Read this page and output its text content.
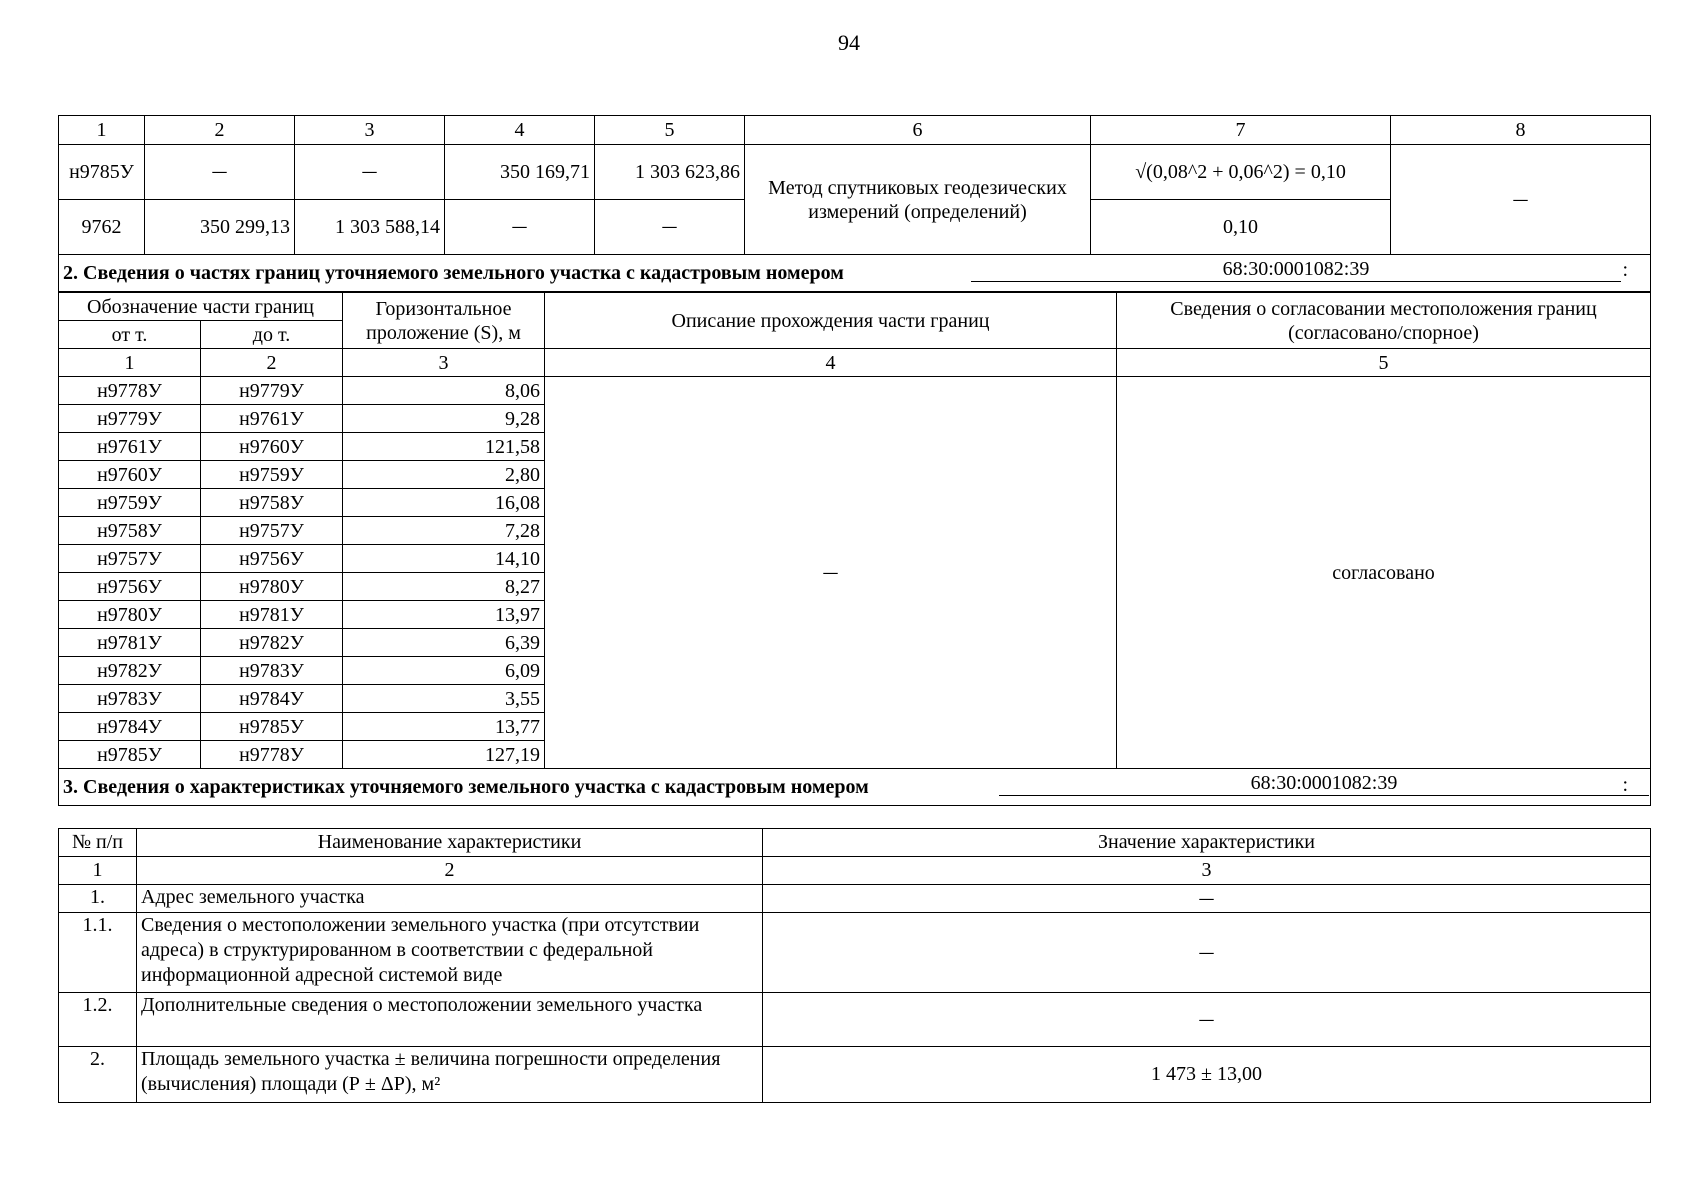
94
1	2	3	4	5	6	7	8
н9785У	—	—	350 169,71	1 303 623,86	Метод спутниковых геодезических измерений (определений)	√(0,08^2 + 0,06^2) = 0,10	—
9762	350 299,13	1 303 588,14	—	—		0,10	
2. Сведения о частях границ уточняемого земельного участка с кадастровым номером 68:30:0001082:39 :							
Обозначение части границ		Горизонтальное проложение (S), м	Описание прохождения части границ	Сведения о согласовании местоположения границ (согласовано/спорное)
от т.	до т.			
1	2	3	4	5
н9778У	н9779У	8,06	—	согласовано
н9779У	н9761У	9,28		
н9761У	н9760У	121,58		
н9760У	н9759У	2,80		
н9759У	н9758У	16,08		
н9758У	н9757У	7,28		
н9757У	н9756У	14,10		
н9756У	н9780У	8,27		
н9780У	н9781У	13,97		
н9781У	н9782У	6,39		
н9782У	н9783У	6,09		
н9783У	н9784У	3,55		
н9784У	н9785У	13,77		
н9785У	н9778У	127,19		
3. Сведения о характеристиках уточняемого земельного участка с кадастровым номером 68:30:0001082:39 :				
№ п/п	Наименование характеристики	Значение характеристики
1	2	3
1.	Адрес земельного участка	—
1.1.	Сведения о местоположении земельного участка (при отсутствии адреса) в структурированном в соответствии с федеральной информационной адресной системой виде	—
1.2.	Дополнительные сведения о местоположении земельного участка	—
2.	Площадь земельного участка ± величина погрешности определения (вычисления) площади (Р ± ΔР), м²	1 473 ± 13,00
